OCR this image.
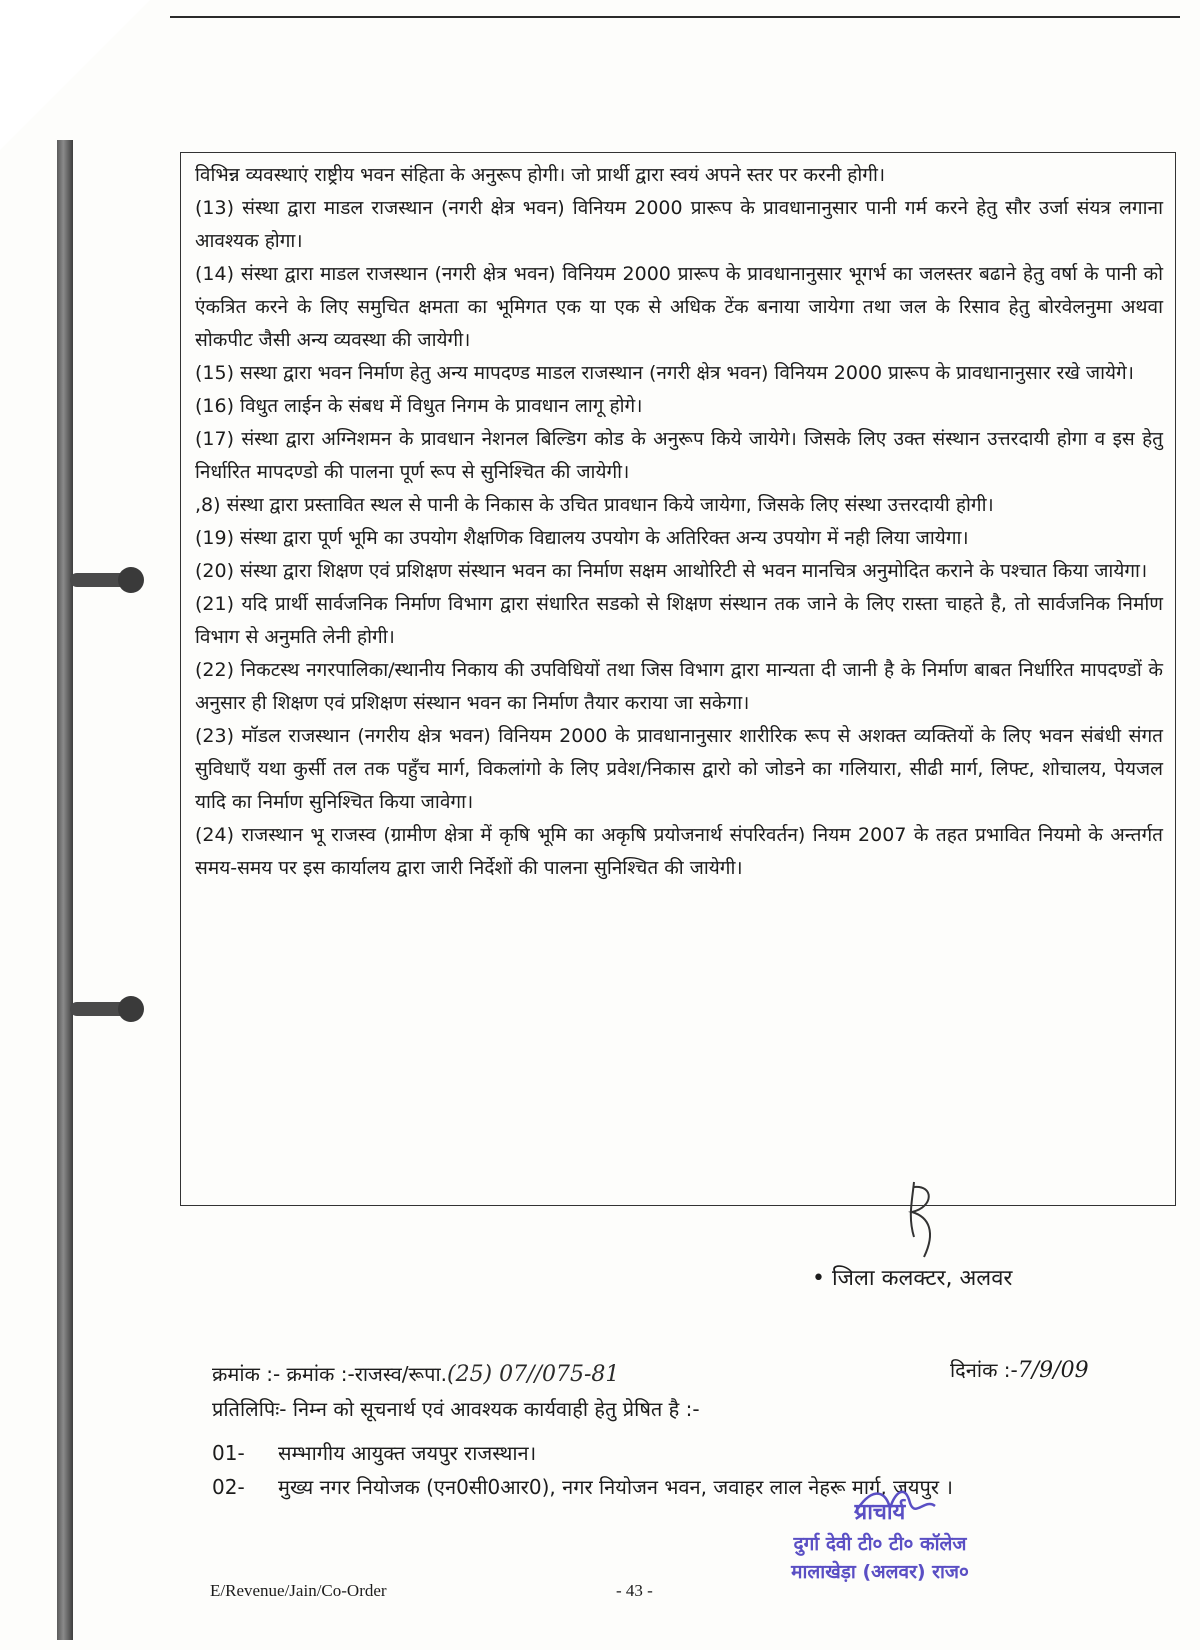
विभिन्न व्यवस्थाएं राष्ट्रीय भवन संहिता के अनुरूप होगी। जो प्रार्थी द्वारा स्वयं अपने स्तर पर करनी होगी।

(13) संस्था द्वारा माडल राजस्थान (नगरी क्षेत्र भवन) विनियम 2000 प्रारूप के प्रावधानानुसार पानी गर्म करने हेतु सौर उर्जा संयत्र लगाना आवश्यक होगा।

(14) संस्था द्वारा माडल राजस्थान (नगरी क्षेत्र भवन) विनियम 2000 प्रारूप के प्रावधानानुसार भूगर्भ का जलस्तर बढाने हेतु वर्षा के पानी को एंकत्रित करने के लिए समुचित क्षमता का भूमिगत एक या एक से अधिक टेंक बनाया जायेगा तथा जल के रिसाव हेतु बोरवेलनुमा अथवा सोकपीट जैसी अन्य व्यवस्था की जायेगी।

(15) सस्था द्वारा भवन निर्माण हेतु अन्य मापदण्ड माडल राजस्थान (नगरी क्षेत्र भवन) विनियम 2000 प्रारूप के प्रावधानानुसार रखे जायेगे।

(16) विधुत लाईन के संबध में विधुत निगम के प्रावधान लागू होगे।

(17) संस्था द्वारा अग्निशमन के प्रावधान नेशनल बिल्डिग कोड के अनुरूप किये जायेगे। जिसके लिए उक्त संस्थान उत्तरदायी होगा व इस हेतु निर्धारित मापदण्डो की पालना पूर्ण रूप से सुनिश्चित की जायेगी।

,8) संस्था द्वारा प्रस्तावित स्थल से पानी के निकास के उचित प्रावधान किये जायेगा, जिसके लिए संस्था उत्तरदायी होगी।

(19) संस्था द्वारा पूर्ण भूमि का उपयोग शैक्षणिक विद्यालय उपयोग के अतिरिक्त अन्य उपयोग में नही लिया जायेगा।

(20) संस्था द्वारा शिक्षण एवं प्रशिक्षण संस्थान भवन का निर्माण सक्षम आथोरिटी से भवन मानचित्र अनुमोदित कराने के पश्चात किया जायेगा।

(21) यदि प्रार्थी सार्वजनिक निर्माण विभाग द्वारा संधारित सडको से शिक्षण संस्थान तक जाने के लिए रास्ता चाहते है, तो सार्वजनिक निर्माण विभाग से अनुमति लेनी होगी।

(22) निकटस्थ नगरपालिका/स्थानीय निकाय की उपविधियों तथा जिस विभाग द्वारा मान्यता दी जानी है के निर्माण बाबत निर्धारित मापदण्डों के अनुसार ही शिक्षण एवं प्रशिक्षण संस्थान भवन का निर्माण तैयार कराया जा सकेगा।

(23) मॉडल राजस्थान (नगरीय क्षेत्र भवन) विनियम 2000 के प्रावधानानुसार शारीरिक रूप से अशक्त व्यक्तियों के लिए भवन संबंधी संगत सुविधाएँ यथा कुर्सी तल तक पहुँच मार्ग, विकलांगो के लिए प्रवेश/निकास द्वारो को जोडने का गलियारा, सीढी मार्ग, लिफ्ट, शोचालय, पेयजल यादि का निर्माण सुनिश्चित किया जावेगा।

(24) राजस्थान भू राजस्व (ग्रामीण क्षेत्रा में कृषि भूमि का अकृषि प्रयोजनार्थ संपरिवर्तन) नियम 2007 के तहत प्रभावित नियमो के अन्तर्गत समय-समय पर इस कार्यालय द्वारा जारी निर्देशों की पालना सुनिश्चित की जायेगी।

• जिला कलक्टर, अलवर
क्रमांक :- क्रमांक :-राजस्व/रूपा.(25) 07//075-81	दिनांक :-7/9/09
प्रतिलिपिः- निम्न को सूचनार्थ एवं आवश्यक कार्यवाही हेतु प्रेषित है :-
01-	सम्भागीय आयुक्त जयपुर राजस्थान।
02-	मुख्य नगर नियोजक (एन0सी0आर0), नगर नियोजन भवन, जवाहर लाल नेहरू मार्ग, जयपुर ।
प्राचार्य
दुर्गा देवी टी० टी० कॉलेज
मालाखेड़ा (अलवर) राज०
E/Revenue/Jain/Co-Order	- 43 -
